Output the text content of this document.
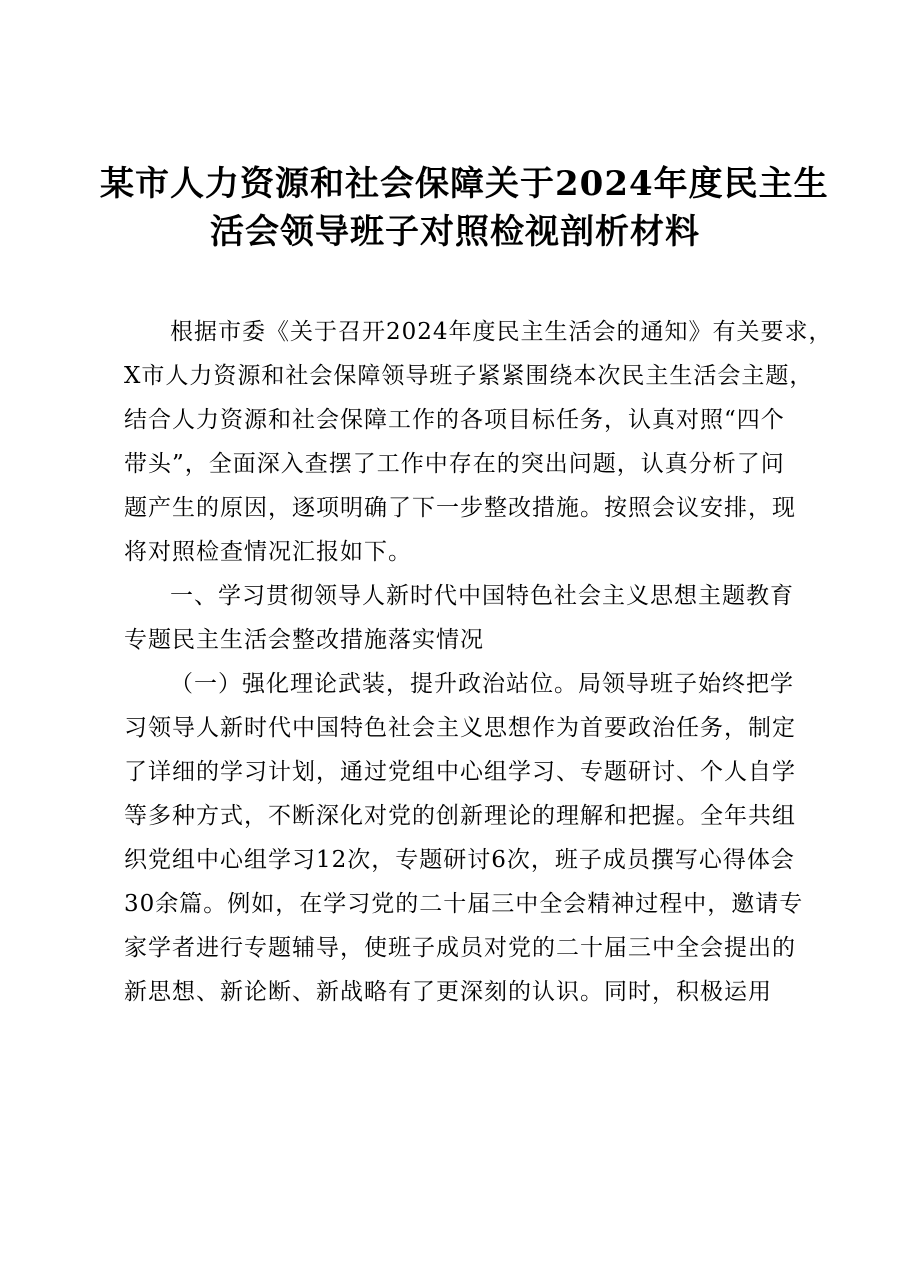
某市人力资源和社会保障关于2024年度民主生
活会领导班子对照检视剖析材料

根据市委《关于召开2024年度民主生活会的通知》有关要求，
X市人力资源和社会保障领导班子紧紧围绕本次民主生活会主题，
结合人力资源和社会保障工作的各项目标任务，认真对照“四个
带头”，全面深入查摆了工作中存在的突出问题，认真分析了问
题产生的原因，逐项明确了下一步整改措施。按照会议安排，现
将对照检查情况汇报如下。

一、学习贯彻领导人新时代中国特色社会主义思想主题教育
专题民主生活会整改措施落实情况

（一）强化理论武装，提升政治站位。局领导班子始终把学
习领导人新时代中国特色社会主义思想作为首要政治任务，制定
了详细的学习计划，通过党组中心组学习、专题研讨、个人自学
等多种方式，不断深化对党的创新理论的理解和把握。全年共组
织党组中心组学习12次，专题研讨6次，班子成员撰写心得体会
30余篇。例如，在学习党的二十届三中全会精神过程中，邀请专
家学者进行专题辅导，使班子成员对党的二十届三中全会提出的
新思想、新论断、新战略有了更深刻的认识。同时，积极运用
